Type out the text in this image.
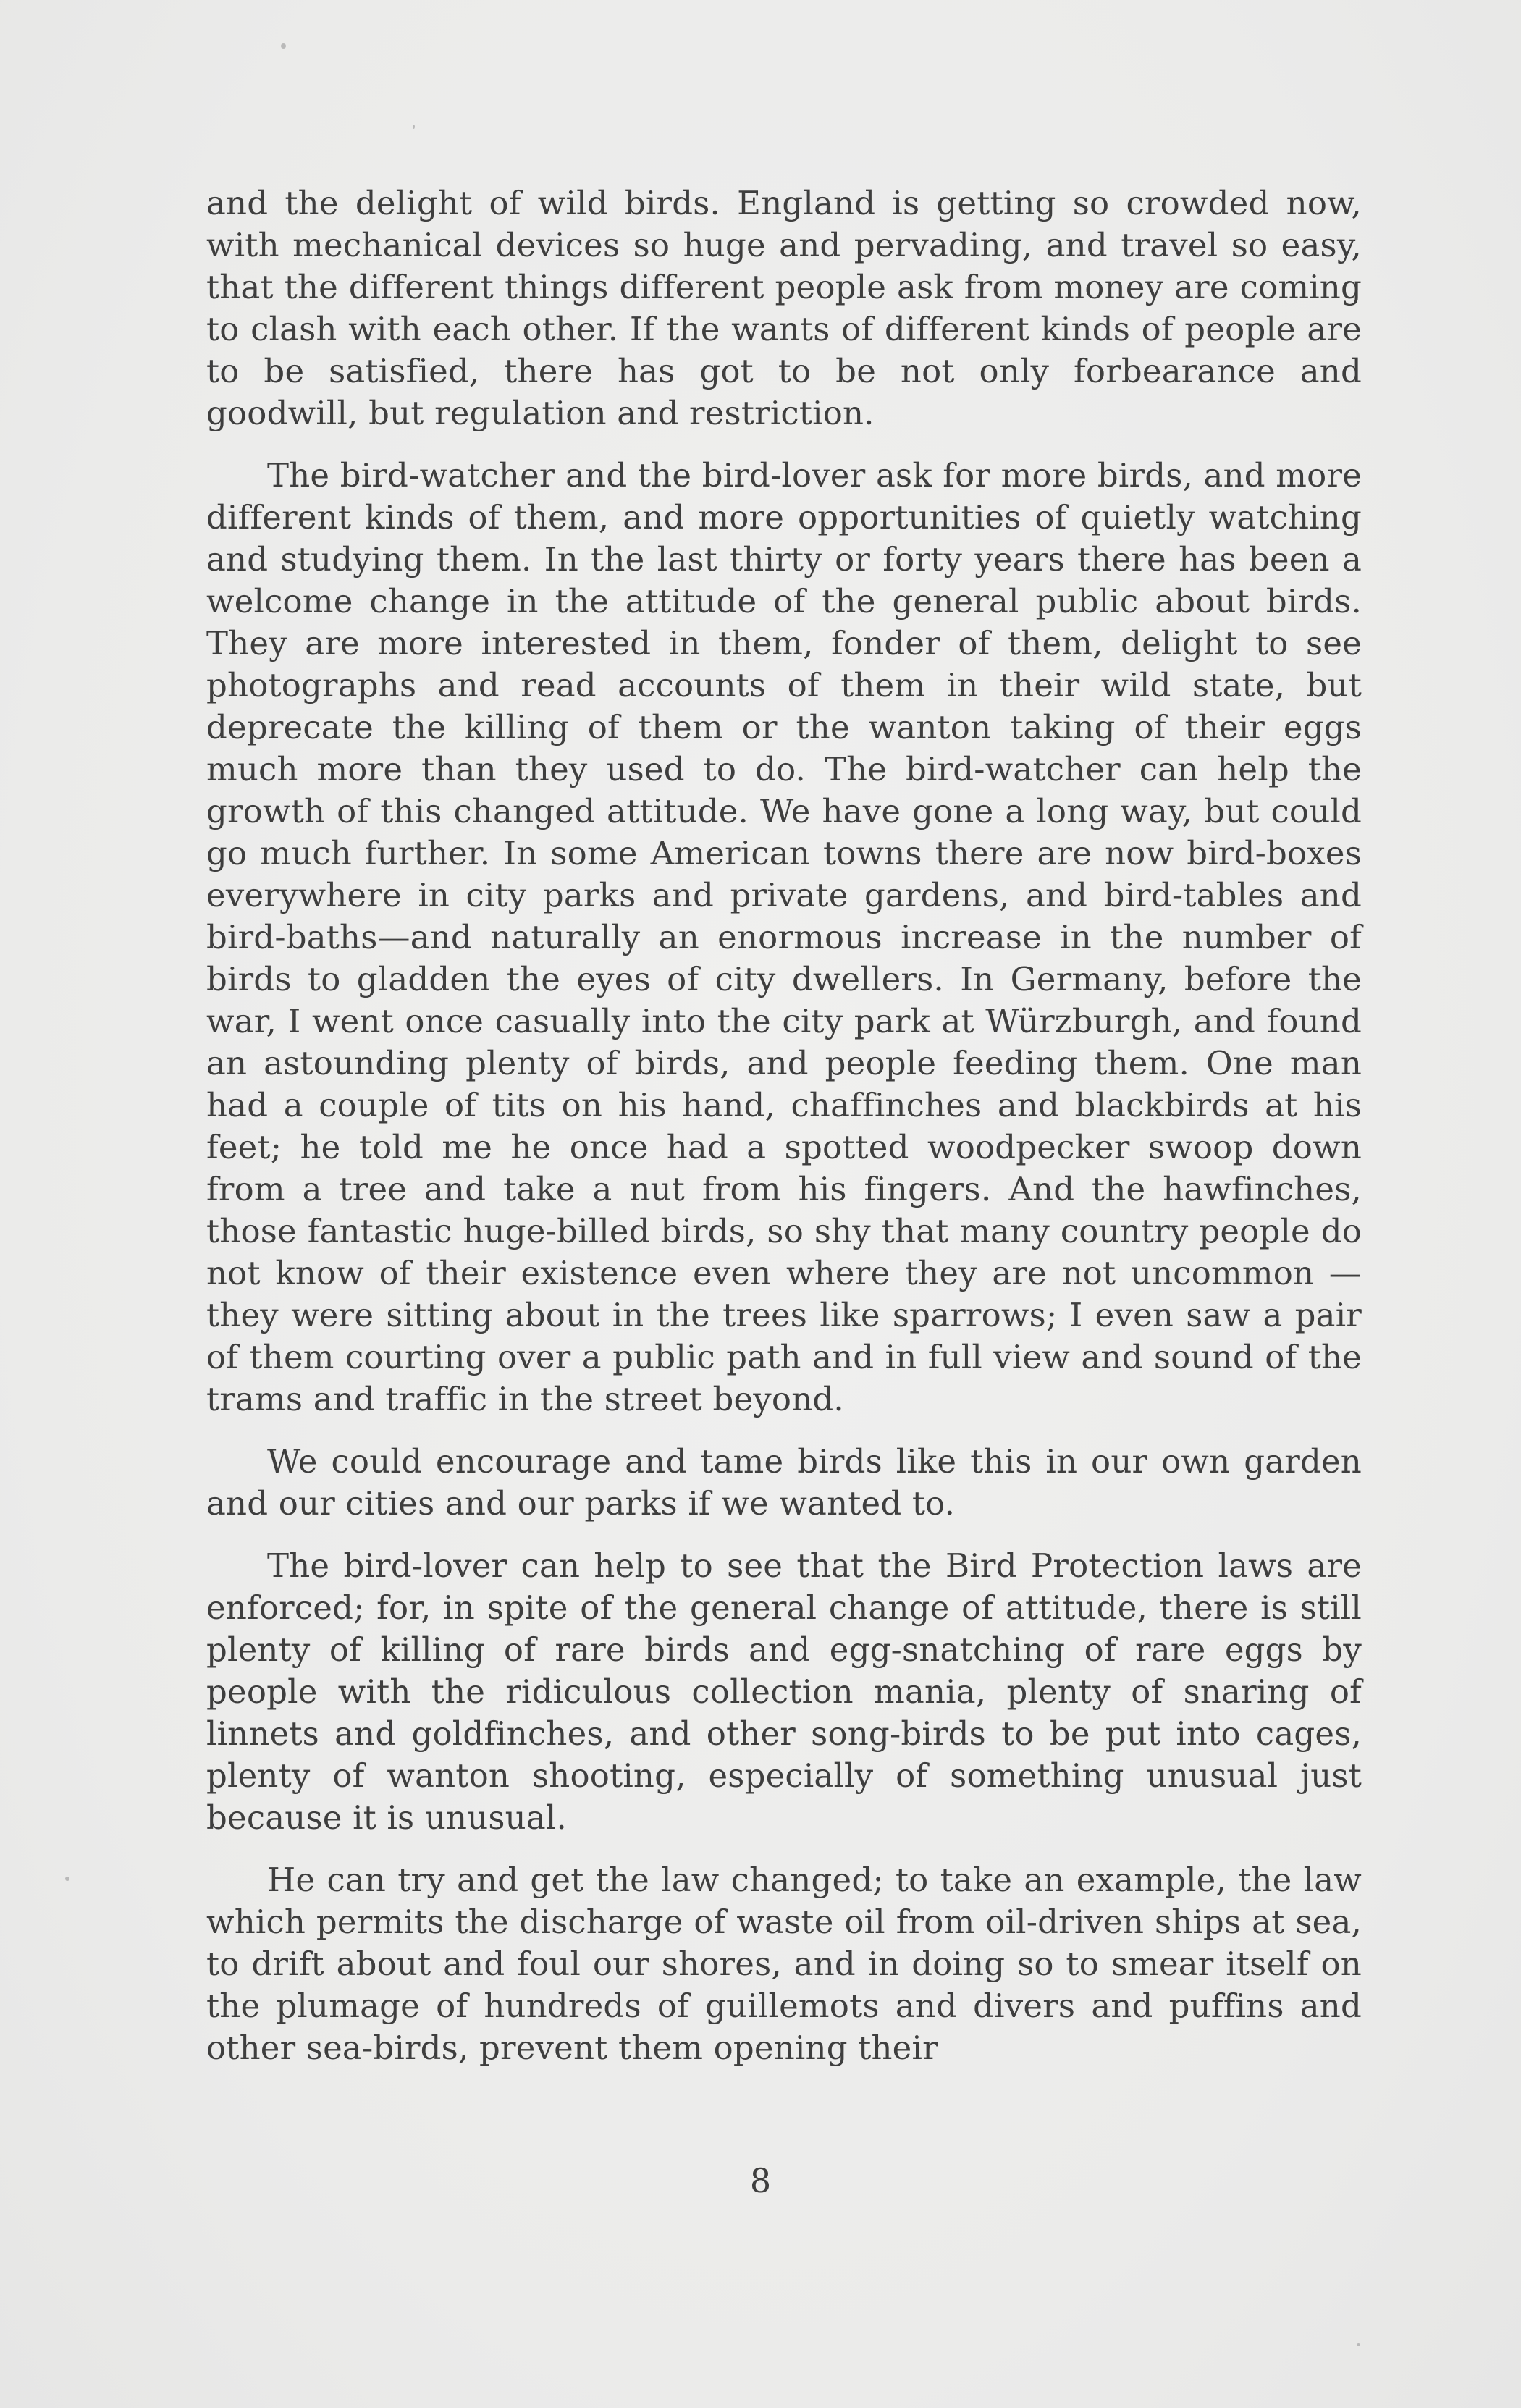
and the delight of wild birds. England is getting so crowded now, with mechanical devices so huge and pervading, and travel so easy, that the different things different people ask from money are coming to clash with each other. If the wants of different kinds of people are to be satisfied, there has got to be not only forbearance and goodwill, but regulation and restriction.

The bird-watcher and the bird-lover ask for more birds, and more different kinds of them, and more opportunities of quietly watching and studying them. In the last thirty or forty years there has been a welcome change in the attitude of the general public about birds. They are more interested in them, fonder of them, delight to see photographs and read accounts of them in their wild state, but deprecate the killing of them or the wanton taking of their eggs much more than they used to do. The bird-watcher can help the growth of this changed attitude. We have gone a long way, but could go much further. In some American towns there are now bird-boxes everywhere in city parks and private gardens, and bird-tables and bird-baths—and naturally an enormous increase in the number of birds to gladden the eyes of city dwellers. In Germany, before the war, I went once casually into the city park at Würzburgh, and found an astounding plenty of birds, and people feeding them. One man had a couple of tits on his hand, chaffinches and blackbirds at his feet; he told me he once had a spotted woodpecker swoop down from a tree and take a nut from his fingers. And the hawfinches, those fantastic huge-billed birds, so shy that many country people do not know of their existence even where they are not uncommon —they were sitting about in the trees like sparrows; I even saw a pair of them courting over a public path and in full view and sound of the trams and traffic in the street beyond.

We could encourage and tame birds like this in our own garden and our cities and our parks if we wanted to.

The bird-lover can help to see that the Bird Protection laws are enforced; for, in spite of the general change of attitude, there is still plenty of killing of rare birds and egg-snatching of rare eggs by people with the ridiculous collection mania, plenty of snaring of linnets and goldfinches, and other song-birds to be put into cages, plenty of wanton shooting, especially of something unusual just because it is unusual.

He can try and get the law changed; to take an example, the law which permits the discharge of waste oil from oil-driven ships at sea, to drift about and foul our shores, and in doing so to smear itself on the plumage of hundreds of guillemots and divers and puffins and other sea-birds, prevent them opening their

8
